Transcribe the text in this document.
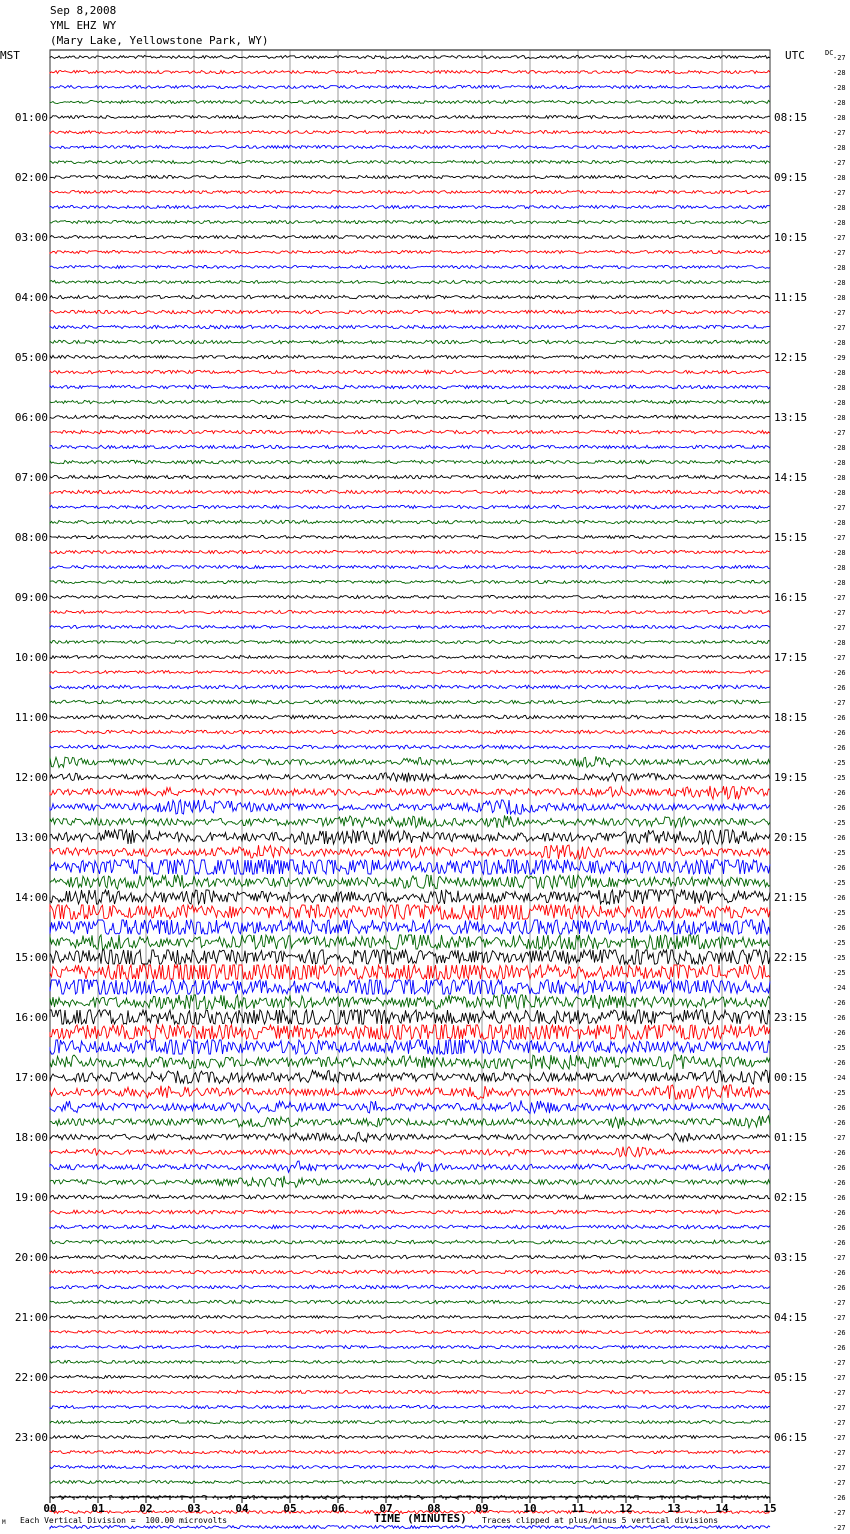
Sep 8,2008
YML EHZ WY
(Mary Lake, Yellowstone Park, WY)
MST	UTC	DC
00	01	02	03	04	05	06	07	08	09	10	11	12	13	14	15
01:00
02:00
03:00
04:00
05:00
06:00
07:00
08:00
09:00
10:00
11:00
12:00
13:00
14:00
15:00
16:00
17:00
18:00
19:00
20:00
21:00
22:00
23:00
08:15
09:15
10:15
11:15
12:15
13:15
14:15
15:15
16:15
17:15
18:15
19:15
20:15
21:15
22:15
23:15
00:15
01:15
02:15
03:15
04:15
05:15
06:15
-27
-28
-28
-28
-28
-27
-28
-27
-28
-27
-28
-28
-27
-27
-28
-28
-28
-27
-27
-28
-29
-28
-28
-28
-28
-27
-28
-28
-28
-28
-27
-28
-27
-28
-28
-28
-27
-27
-27
-28
-27
-26
-26
-27
-26
-26
-26
-25
-25
-26
-26
-25
-26
-25
-26
-25
-26
-25
-26
-25
-25
-25
-24
-26
-26
-26
-25
-26
-24
-25
-26
-26
-27
-26
-26
-26
-26
-26
-26
-26
-27
-26
-26
-27
-27
-26
-26
-27
-27
-27
-27
-27
-27
-27
-27
-27
-26
-27
-27
TIME (MINUTES)
M Each Vertical Division =  100.00 microvolts	Traces clipped at plus/minus 5 vertical divisions
